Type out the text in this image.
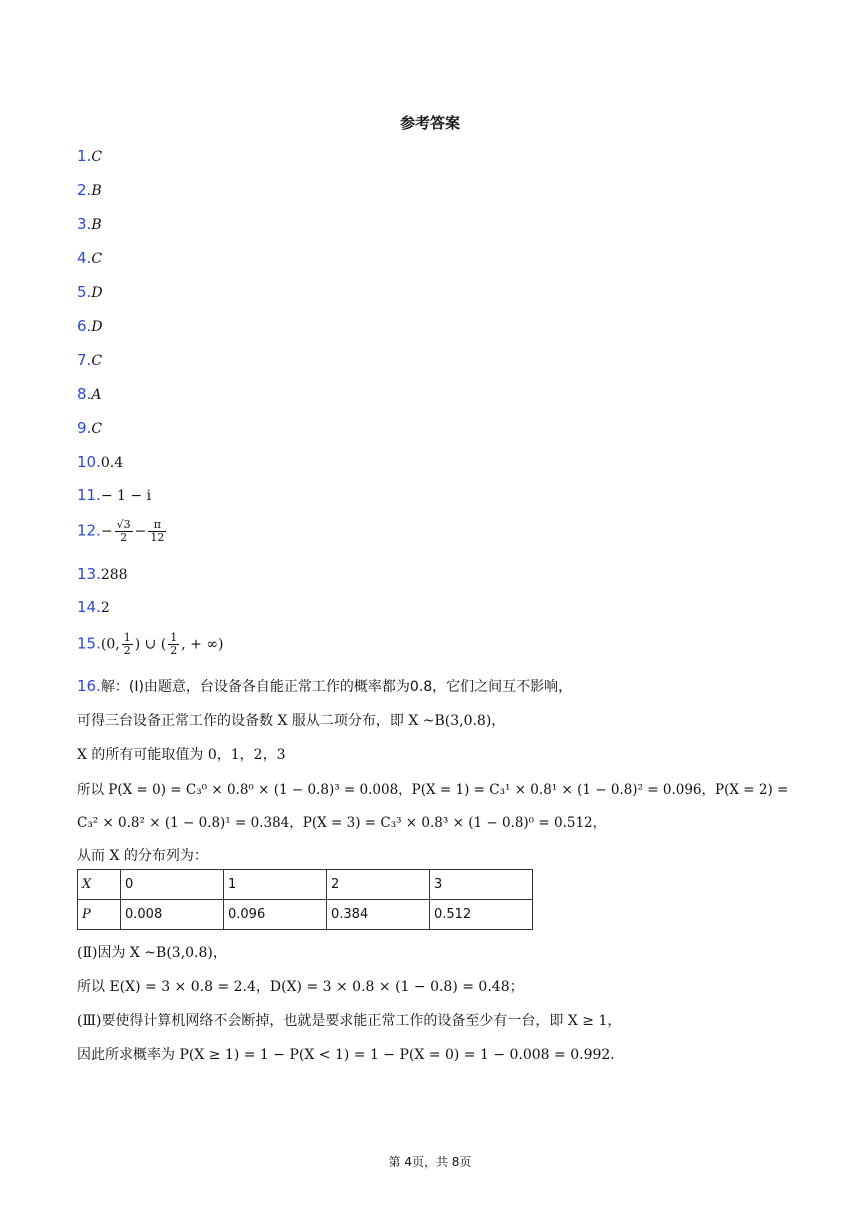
参考答案
1.C
2.B
3.B
4.C
5.D
6.D
7.C
8.A
9.C
10.0.4
11.− 1 − i
$12.- \frac{√3}{2} - \frac{\pi}{12}$
13.288
14.2
15.(0, $\frac{1}{2}$ ) ∪ ( $\frac{1}{2}$ , + ∞)
16.解：(Ⅰ)由题意，台设备各自能正常工作的概率都为0.8，它们之间互不影响，
可得三台设备正常工作的设备数 X 服从二项分布，即 X ~B(3,0.8)，
X 的所有可能取值为 0，1，2，3
所以 P(X = 0) = C₃⁰ × 0.8⁰ × (1 − 0.8)³ = 0.008，P(X = 1) = C₃¹ × 0.8¹ × (1 − 0.8)² = 0.096，P(X = 2) =
C₃² × 0.8² × (1 − 0.8)¹ = 0.384，P(X = 3) = C₃³ × 0.8³ × (1 − 0.8)⁰ = 0.512，
从而 X 的分布列为：
X	0	1	2	3
P	0.008	0.096	0.384	0.512
(Ⅱ)因为 X ~B(3,0.8)，
所以 E(X) = 3 × 0.8 = 2.4，D(X) = 3 × 0.8 × (1 − 0.8) = 0.48；
(Ⅲ)要使得计算机网络不会断掉，也就是要求能正常工作的设备至少有一台，即 X ≥ 1，
因此所求概率为 P(X ≥ 1) = 1 − P(X < 1) = 1 − P(X = 0) = 1 − 0.008 = 0.992．
第 4页，共 8页
